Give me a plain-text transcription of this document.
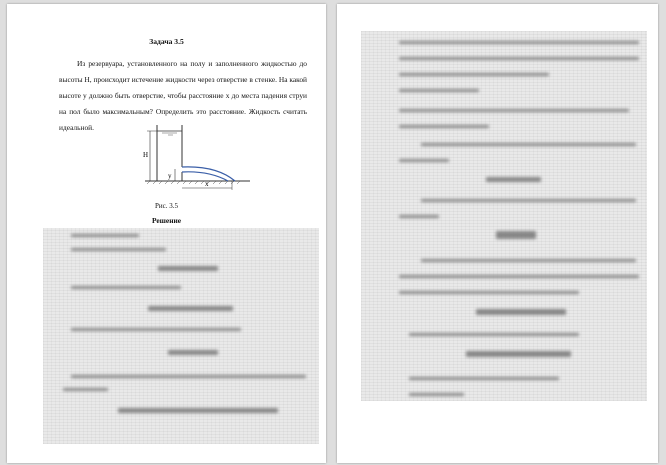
Задача 3.5
Из резервуара, установленного на полу и заполненного жидкостью до высоты H, происходит истечение жидкости через отверстие в стенке. На какой высоте y должно быть отверстие, чтобы расстояние x до места падения струи на пол было максимальным? Определить это расстояние. Жидкость считать идеальной.
H
y
x
Рис. 3.5
Решение
